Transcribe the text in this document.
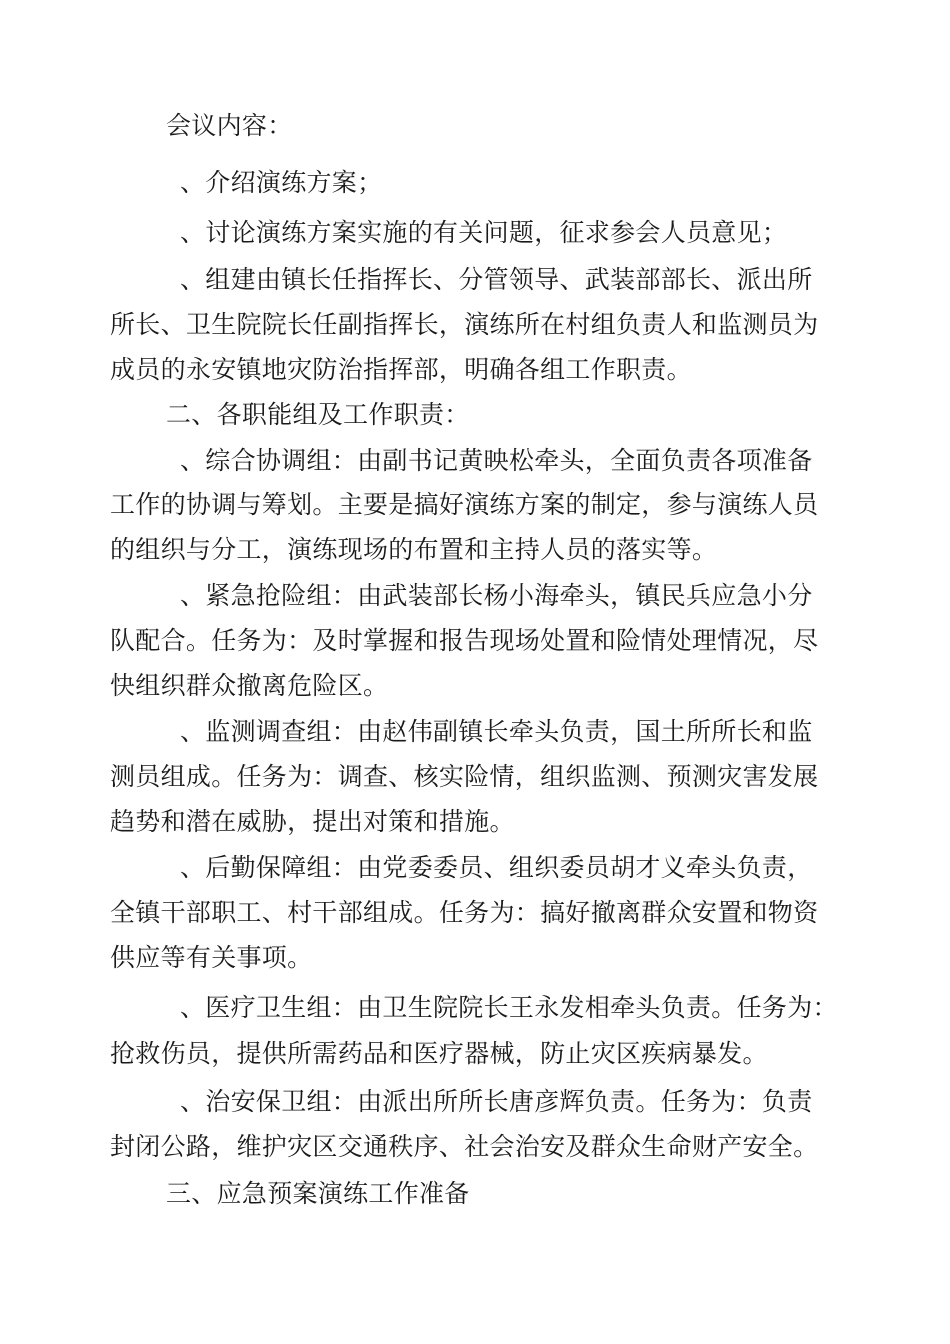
会议内容：
、介绍演练方案；
、讨论演练方案实施的有关问题，征求参会人员意见；
、组建由镇长任指挥长、分管领导、武装部部长、派出所
所长、卫生院院长任副指挥长，演练所在村组负责人和监测员为
成员的永安镇地灾防治指挥部，明确各组工作职责。
二、各职能组及工作职责：
、综合协调组：由副书记黄映松牵头，全面负责各项准备
工作的协调与筹划。主要是搞好演练方案的制定，参与演练人员
的组织与分工，演练现场的布置和主持人员的落实等。
、紧急抢险组：由武装部长杨小海牵头，镇民兵应急小分
队配合。任务为：及时掌握和报告现场处置和险情处理情况，尽
快组织群众撤离危险区。
、监测调查组：由赵伟副镇长牵头负责，国土所所长和监
测员组成。任务为：调查、核实险情，组织监测、预测灾害发展
趋势和潜在威胁，提出对策和措施。
、后勤保障组：由党委委员、组织委员胡才义牵头负责，
全镇干部职工、村干部组成。任务为：搞好撤离群众安置和物资
供应等有关事项。
、医疗卫生组：由卫生院院长王永发相牵头负责。任务为：
抢救伤员，提供所需药品和医疗器械，防止灾区疾病暴发。
、治安保卫组：由派出所所长唐彦辉负责。任务为：负责
封闭公路，维护灾区交通秩序、社会治安及群众生命财产安全。
三、应急预案演练工作准备
